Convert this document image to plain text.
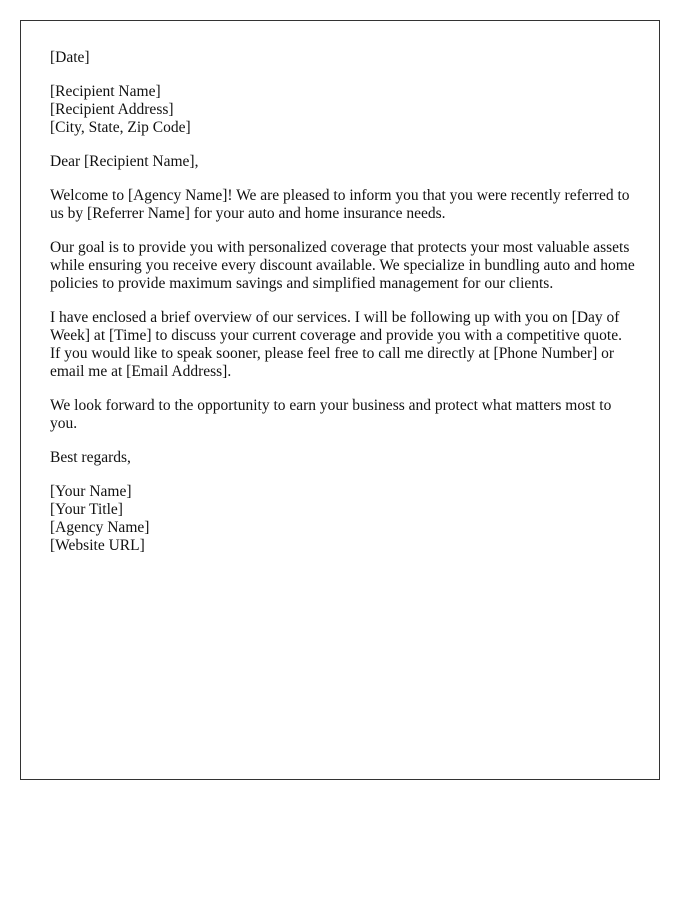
[Date]
[Recipient Name]
[Recipient Address]
[City, State, Zip Code]

Dear [Recipient Name],

Welcome to [Agency Name]! We are pleased to inform you that you were recently referred to us by [Referrer Name] for your auto and home insurance needs.

Our goal is to provide you with personalized coverage that protects your most valuable assets while ensuring you receive every discount available. We specialize in bundling auto and home policies to provide maximum savings and simplified management for our clients.

I have enclosed a brief overview of our services. I will be following up with you on [Day of Week] at [Time] to discuss your current coverage and provide you with a competitive quote. If you would like to speak sooner, please feel free to call me directly at [Phone Number] or email me at [Email Address].

We look forward to the opportunity to earn your business and protect what matters most to you.

Best regards,

[Your Name]
[Your Title]
[Agency Name]
[Website URL]
